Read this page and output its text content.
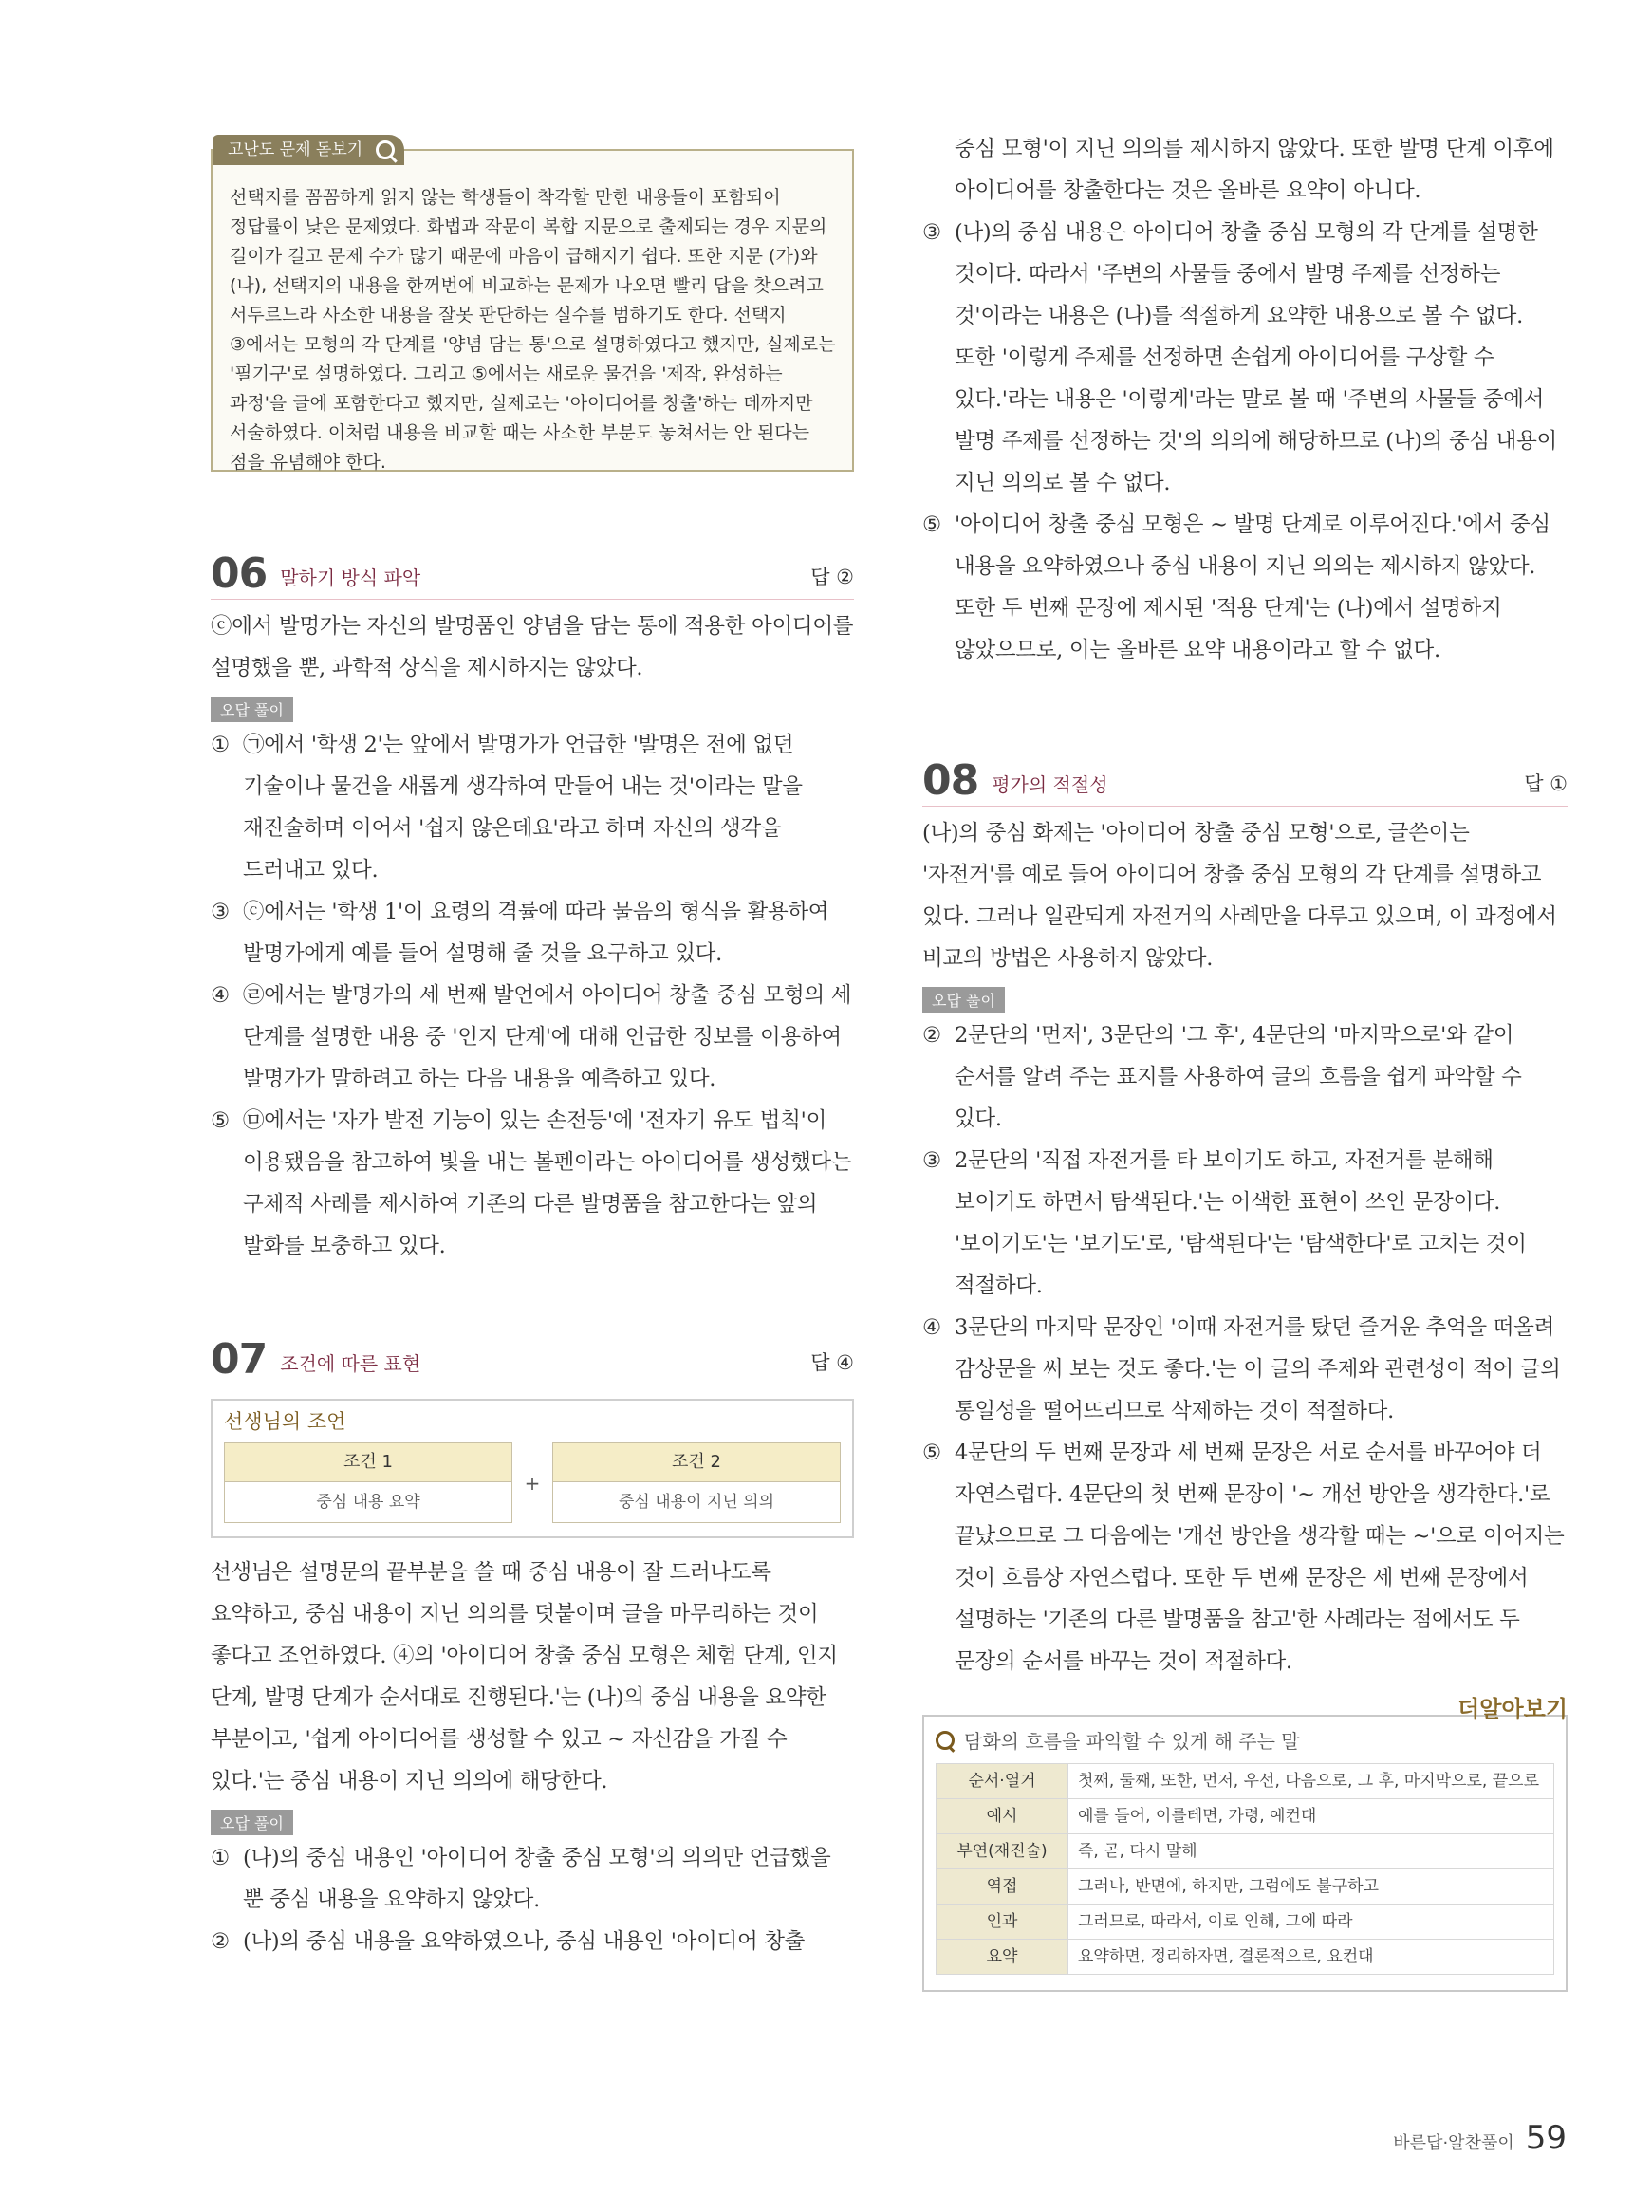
고난도 문제 돋보기

선택지를 꼼꼼하게 읽지 않는 학생들이 착각할 만한 내용들이 포함되어 정답률이 낮은 문제였다. 화법과 작문이 복합 지문으로 출제되는 경우 지문의 길이가 길고 문제 수가 많기 때문에 마음이 급해지기 쉽다. 또한 지문 (가)와 (나), 선택지의 내용을 한꺼번에 비교하는 문제가 나오면 빨리 답을 찾으려고 서두르느라 사소한 내용을 잘못 판단하는 실수를 범하기도 한다. 선택지 ③에서는 모형의 각 단계를 '양념 담는 통'으로 설명하였다고 했지만, 실제로는 '필기구'로 설명하였다. 그리고 ⑤에서는 새로운 물건을 '제작, 완성하는 과정'을 글에 포함한다고 했지만, 실제로는 '아이디어를 창출'하는 데까지만 서술하였다. 이처럼 내용을 비교할 때는 사소한 부분도 놓쳐서는 안 된다는 점을 유념해야 한다.

06 말하기 방식 파악	답 ②

ⓒ에서 발명가는 자신의 발명품인 양념을 담는 통에 적용한 아이디어를 설명했을 뿐, 과학적 상식을 제시하지는 않았다.

오답 풀이
① ㉠에서 '학생 2'는 앞에서 발명가가 언급한 '발명은 전에 없던 기술이나 물건을 새롭게 생각하여 만들어 내는 것'이라는 말을 재진술하며 이어서 '쉽지 않은데요'라고 하며 자신의 생각을 드러내고 있다.
③ ⓒ에서는 '학생 1'이 요령의 격률에 따라 물음의 형식을 활용하여 발명가에게 예를 들어 설명해 줄 것을 요구하고 있다.
④ ㉣에서는 발명가의 세 번째 발언에서 아이디어 창출 중심 모형의 세 단계를 설명한 내용 중 '인지 단계'에 대해 언급한 정보를 이용하여 발명가가 말하려고 하는 다음 내용을 예측하고 있다.
⑤ ㉤에서는 '자가 발전 기능이 있는 손전등'에 '전자기 유도 법칙'이 이용됐음을 참고하여 빛을 내는 볼펜이라는 아이디어를 생성했다는 구체적 사례를 제시하여 기존의 다른 발명품을 참고한다는 앞의 발화를 보충하고 있다.
07 조건에 따른 표현	답 ④
선생님의 조언
조건 1
중심 내용 요약
+
조건 2
중심 내용이 지닌 의의

선생님은 설명문의 끝부분을 쓸 때 중심 내용이 잘 드러나도록 요약하고, 중심 내용이 지닌 의의를 덧붙이며 글을 마무리하는 것이 좋다고 조언하였다. ④의 '아이디어 창출 중심 모형은 체험 단계, 인지 단계, 발명 단계가 순서대로 진행된다.'는 (나)의 중심 내용을 요약한 부분이고, '쉽게 아이디어를 생성할 수 있고 ~ 자신감을 가질 수 있다.'는 중심 내용이 지닌 의의에 해당한다.

오답 풀이
① (나)의 중심 내용인 '아이디어 창출 중심 모형'의 의의만 언급했을 뿐 중심 내용을 요약하지 않았다.
② (나)의 중심 내용을 요약하였으나, 중심 내용인 '아이디어 창출

중심 모형'이 지닌 의의를 제시하지 않았다. 또한 발명 단계 이후에 아이디어를 창출한다는 것은 올바른 요약이 아니다.

③ (나)의 중심 내용은 아이디어 창출 중심 모형의 각 단계를 설명한 것이다. 따라서 '주변의 사물들 중에서 발명 주제를 선정하는 것'이라는 내용은 (나)를 적절하게 요약한 내용으로 볼 수 없다. 또한 '이렇게 주제를 선정하면 손쉽게 아이디어를 구상할 수 있다.'라는 내용은 '이렇게'라는 말로 볼 때 '주변의 사물들 중에서 발명 주제를 선정하는 것'의 의의에 해당하므로 (나)의 중심 내용이 지닌 의의로 볼 수 없다.
⑤ '아이디어 창출 중심 모형은 ~ 발명 단계로 이루어진다.'에서 중심 내용을 요약하였으나 중심 내용이 지닌 의의는 제시하지 않았다. 또한 두 번째 문장에 제시된 '적용 단계'는 (나)에서 설명하지 않았으므로, 이는 올바른 요약 내용이라고 할 수 없다.
08 평가의 적절성	답 ①

(나)의 중심 화제는 '아이디어 창출 중심 모형'으로, 글쓴이는 '자전거'를 예로 들어 아이디어 창출 중심 모형의 각 단계를 설명하고 있다. 그러나 일관되게 자전거의 사례만을 다루고 있으며, 이 과정에서 비교의 방법은 사용하지 않았다.

오답 풀이
② 2문단의 '먼저', 3문단의 '그 후', 4문단의 '마지막으로'와 같이 순서를 알려 주는 표지를 사용하여 글의 흐름을 쉽게 파악할 수 있다.
③ 2문단의 '직접 자전거를 타 보이기도 하고, 자전거를 분해해 보이기도 하면서 탐색된다.'는 어색한 표현이 쓰인 문장이다. '보이기도'는 '보기도'로, '탐색된다'는 '탐색한다'로 고치는 것이 적절하다.
④ 3문단의 마지막 문장인 '이때 자전거를 탔던 즐거운 추억을 떠올려 감상문을 써 보는 것도 좋다.'는 이 글의 주제와 관련성이 적어 글의 통일성을 떨어뜨리므로 삭제하는 것이 적절하다.
⑤ 4문단의 두 번째 문장과 세 번째 문장은 서로 순서를 바꾸어야 더 자연스럽다. 4문단의 첫 번째 문장이 '~ 개선 방안을 생각한다.'로 끝났으므로 그 다음에는 '개선 방안을 생각할 때는 ~'으로 이어지는 것이 흐름상 자연스럽다. 또한 두 번째 문장은 세 번째 문장에서 설명하는 '기존의 다른 발명품을 참고'한 사례라는 점에서도 두 문장의 순서를 바꾸는 것이 적절하다.
더알아보기
담화의 흐름을 파악할 수 있게 해 주는 말
순서·열거	첫째, 둘째, 또한, 먼저, 우선, 다음으로, 그 후, 마지막으로, 끝으로
예시	예를 들어, 이를테면, 가령, 예컨대
부연(재진술)	즉, 곧, 다시 말해
역접	그러나, 반면에, 하지만, 그럼에도 불구하고
인과	그러므로, 따라서, 이로 인해, 그에 따라
요약	요약하면, 정리하자면, 결론적으로, 요컨대
바른답·알찬풀이 59
